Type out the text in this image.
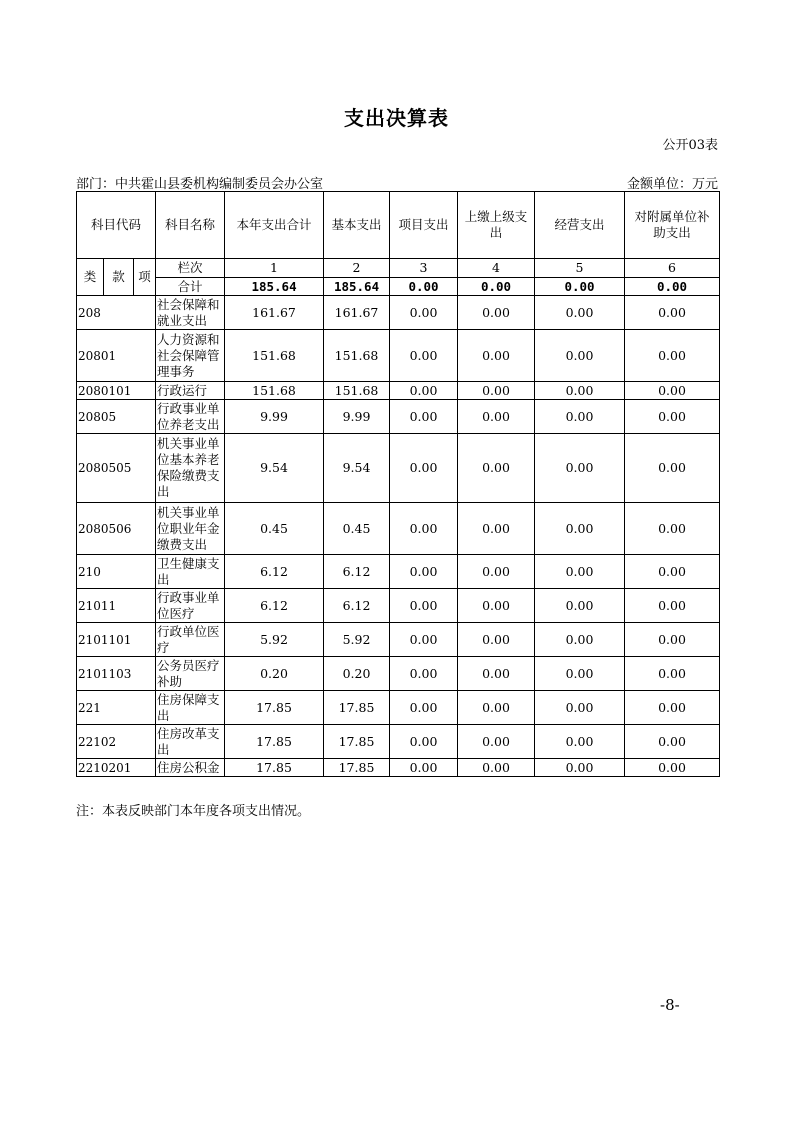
支出决算表
公开03表
部门：中共霍山县委机构编制委员会办公室	金额单位：万元
科目代码			科目名称	本年支出合计	基本支出	项目支出	上缴上级支出	经营支出	对附属单位补助支出
类	款	项	栏次	1	2	3	4	5	6
			合计	185.64	185.64	0.00	0.00	0.00	0.00
208			社会保障和就业支出	161.67	161.67	0.00	0.00	0.00	0.00
20801			人力资源和社会保障管理事务	151.68	151.68	0.00	0.00	0.00	0.00
2080101			行政运行	151.68	151.68	0.00	0.00	0.00	0.00
20805			行政事业单位养老支出	9.99	9.99	0.00	0.00	0.00	0.00
2080505			机关事业单位基本养老保险缴费支出	9.54	9.54	0.00	0.00	0.00	0.00
2080506			机关事业单位职业年金缴费支出	0.45	0.45	0.00	0.00	0.00	0.00
210			卫生健康支出	6.12	6.12	0.00	0.00	0.00	0.00
21011			行政事业单位医疗	6.12	6.12	0.00	0.00	0.00	0.00
2101101			行政单位医疗	5.92	5.92	0.00	0.00	0.00	0.00
2101103			公务员医疗补助	0.20	0.20	0.00	0.00	0.00	0.00
221			住房保障支出	17.85	17.85	0.00	0.00	0.00	0.00
22102			住房改革支出	17.85	17.85	0.00	0.00	0.00	0.00
2210201			住房公积金	17.85	17.85	0.00	0.00	0.00	0.00
注：本表反映部门本年度各项支出情况。
-8-
